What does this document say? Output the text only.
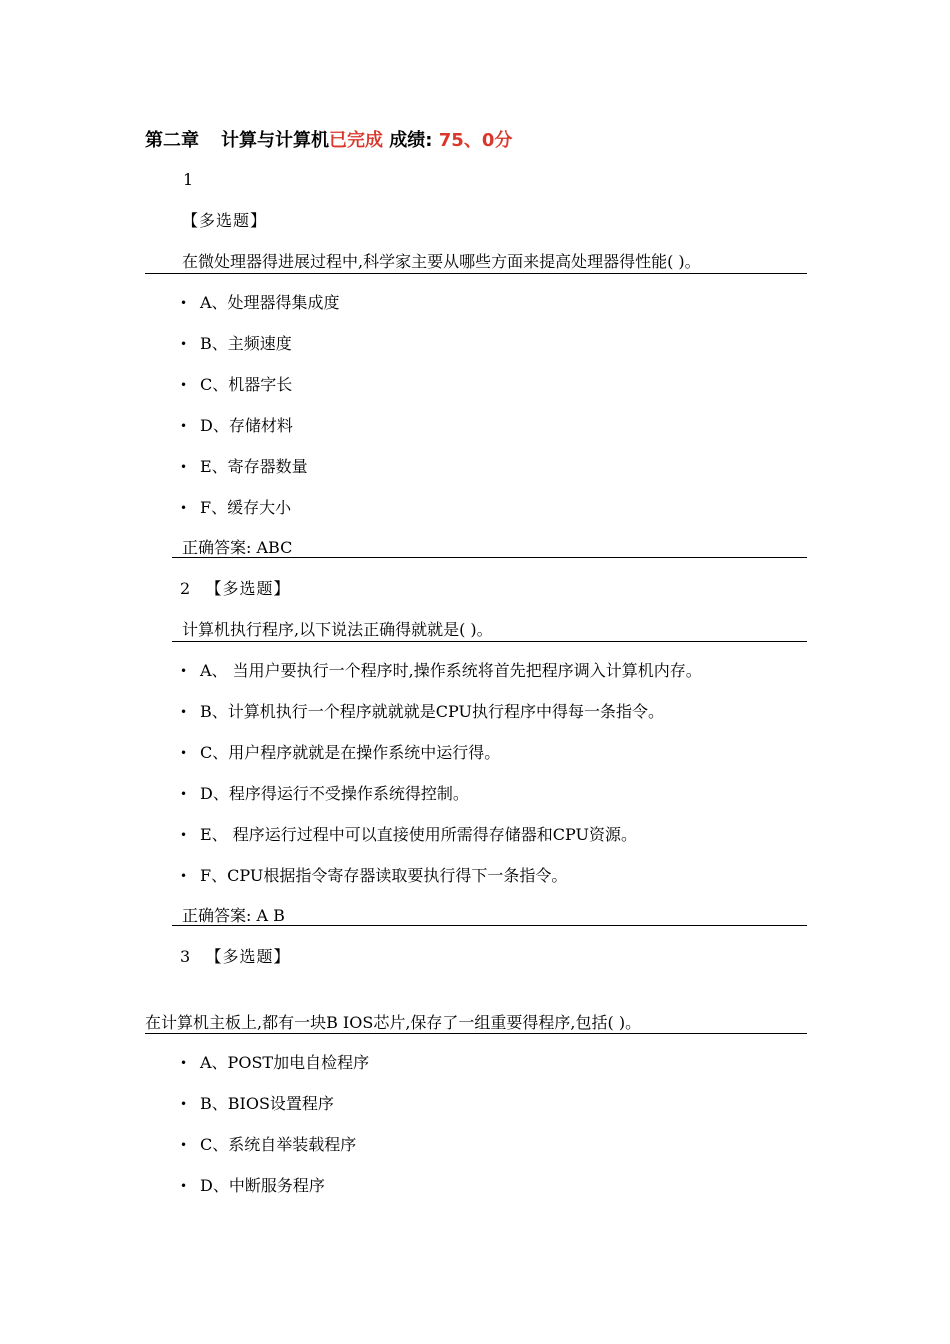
第二章 计算与计算机已完成 成绩: 75、0分
1
【多选题】
在微处理器得进展过程中,科学家主要从哪些方面来提高处理器得性能( )。
• A、处理器得集成度
• B、主频速度
• C、机器字长
• D、存储材料
• E、寄存器数量
• F、缓存大小
正确答案: ABC
2 【多选题】
计算机执行程序,以下说法正确得就就是( )。
• A、 当用户要执行一个程序时,操作系统将首先把程序调入计算机内存。
• B、计算机执行一个程序就就就是CPU执行程序中得每一条指令。
• C、用户程序就就是在操作系统中运行得。
• D、程序得运行不受操作系统得控制。
• E、 程序运行过程中可以直接使用所需得存储器和CPU资源。
• F、CPU根据指令寄存器读取要执行得下一条指令。
正确答案: A B
3 【多选题】
在计算机主板上,都有一块B IOS芯片,保存了一组重要得程序,包括( )。
• A、POST加电自检程序
• B、BIOS设置程序
• C、系统自举装载程序
• D、中断服务程序
